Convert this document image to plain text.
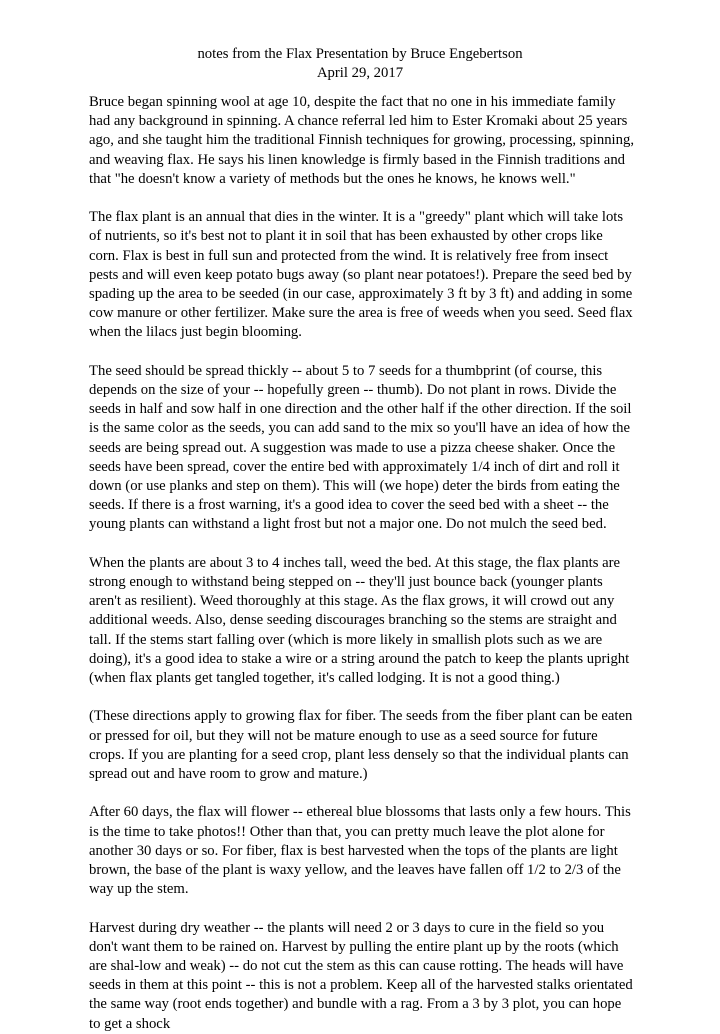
notes from the Flax Presentation by Bruce Engebertson
April 29, 2017

Bruce began spinning wool at age 10, despite the fact that no one in his immediate family had any background in spinning. A chance referral led him to Ester Kromaki about 25 years ago, and she taught him the traditional Finnish techniques for growing, processing, spinning, and weaving flax. He says his linen knowledge is firmly based in the Finnish traditions and that "he doesn't know a variety of methods but the ones he knows, he knows well."

The flax plant is an annual that dies in the winter. It is a "greedy" plant which will take lots of nutrients, so it's best not to plant it in soil that has been exhausted by other crops like corn. Flax is best in full sun and protected from the wind. It is relatively free from insect pests and will even keep potato bugs away (so plant near potatoes!). Prepare the seed bed by spading up the area to be seeded (in our case, approximately 3 ft by 3 ft) and adding in some cow manure or other fertilizer. Make sure the area is free of weeds when you seed. Seed flax when the lilacs just begin blooming.

The seed should be spread thickly -- about 5 to 7 seeds for a thumbprint (of course, this depends on the size of your -- hopefully green -- thumb). Do not plant in rows. Divide the seeds in half and sow half in one direction and the other half if the other direction. If the soil is the same color as the seeds, you can add sand to the mix so you'll have an idea of how the seeds are being spread out. A suggestion was made to use a pizza cheese shaker. Once the seeds have been spread, cover the entire bed with approximately 1/4 inch of dirt and roll it down (or use planks and step on them). This will (we hope) deter the birds from eating the seeds. If there is a frost warning, it's a good idea to cover the seed bed with a sheet -- the young plants can withstand a light frost but not a major one. Do not mulch the seed bed.

When the plants are about 3 to 4 inches tall, weed the bed. At this stage, the flax plants are strong enough to withstand being stepped on -- they'll just bounce back (younger plants aren't as resilient). Weed thoroughly at this stage. As the flax grows, it will crowd out any additional weeds. Also, dense seeding discourages branching so the stems are straight and tall. If the stems start falling over (which is more likely in smallish plots such as we are doing), it's a good idea to stake a wire or a string around the patch to keep the plants upright (when flax plants get tangled together, it's called lodging. It is not a good thing.)

(These directions apply to growing flax for fiber. The seeds from the fiber plant can be eaten or pressed for oil, but they will not be mature enough to use as a seed source for future crops. If you are planting for a seed crop, plant less densely so that the individual plants can spread out and have room to grow and mature.)

After 60 days, the flax will flower -- ethereal blue blossoms that lasts only a few hours. This is the time to take photos!! Other than that, you can pretty much leave the plot alone for another 30 days or so. For fiber, flax is best harvested when the tops of the plants are light brown, the base of the plant is waxy yellow, and the leaves have fallen off 1/2 to 2/3 of the way up the stem.

Harvest during dry weather -- the plants will need 2 or 3 days to cure in the field so you don't want them to be rained on. Harvest by pulling the entire plant up by the roots (which are shal-low and weak) -- do not cut the stem as this can cause rotting. The heads will have seeds in them at this point -- this is not a problem. Keep all of the harvested stalks orientated the same way (root ends together) and bundle with a rag. From a 3 by 3 plot, you can hope to get a shock
